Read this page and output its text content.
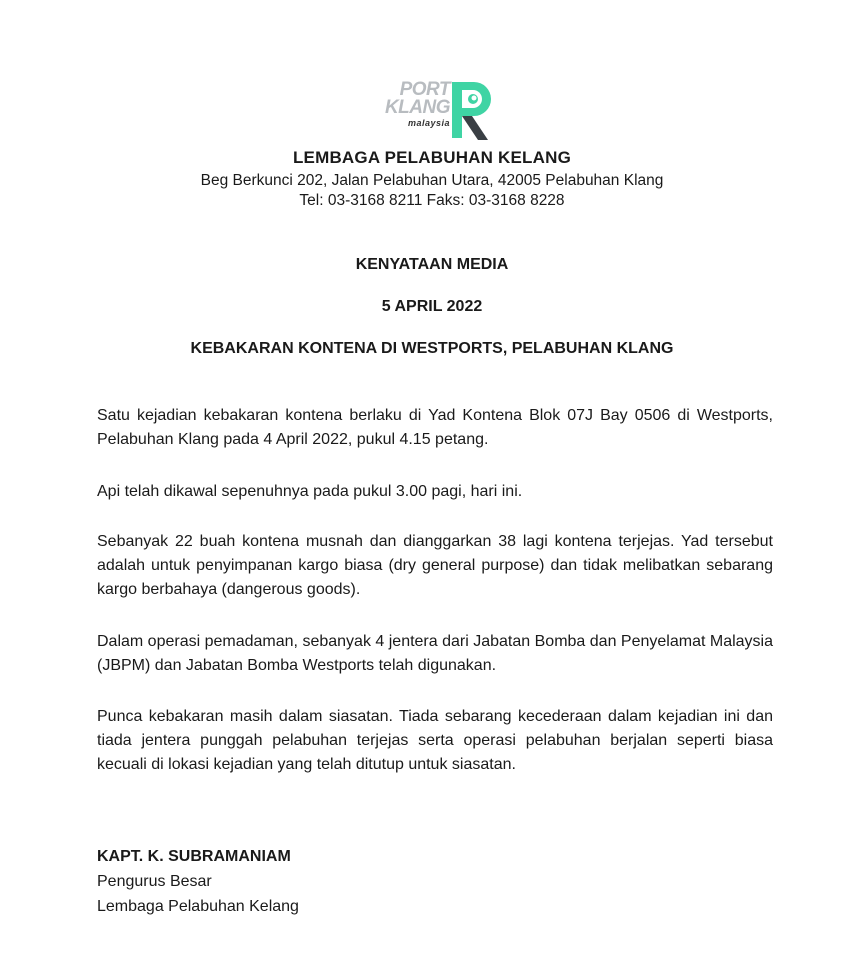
PORT
KLANG
malaysia
LEMBAGA PELABUHAN KELANG
Beg Berkunci 202, Jalan Pelabuhan Utara, 42005 Pelabuhan Klang
Tel: 03-3168 8211 Faks: 03-3168 8228
KENYATAAN MEDIA
5 APRIL 2022
KEBAKARAN KONTENA DI WESTPORTS, PELABUHAN KLANG

Satu kejadian kebakaran kontena berlaku di Yad Kontena Blok 07J Bay 0506 di Westports, Pelabuhan Klang pada 4 April 2022, pukul 4.15 petang.

Api telah dikawal sepenuhnya pada pukul 3.00 pagi, hari ini.

Sebanyak 22 buah kontena musnah dan dianggarkan 38 lagi kontena terjejas. Yad tersebut adalah untuk penyimpanan kargo biasa (dry general purpose) dan tidak melibatkan sebarang kargo berbahaya (dangerous goods).

Dalam operasi pemadaman, sebanyak 4 jentera dari Jabatan Bomba dan Penyelamat Malaysia (JBPM) dan Jabatan Bomba Westports telah digunakan.

Punca kebakaran masih dalam siasatan. Tiada sebarang kecederaan dalam kejadian ini dan tiada jentera punggah pelabuhan terjejas serta operasi pelabuhan berjalan seperti biasa kecuali di lokasi kejadian yang telah ditutup untuk siasatan.

KAPT. K. SUBRAMANIAM
Pengurus Besar
Lembaga Pelabuhan Kelang
